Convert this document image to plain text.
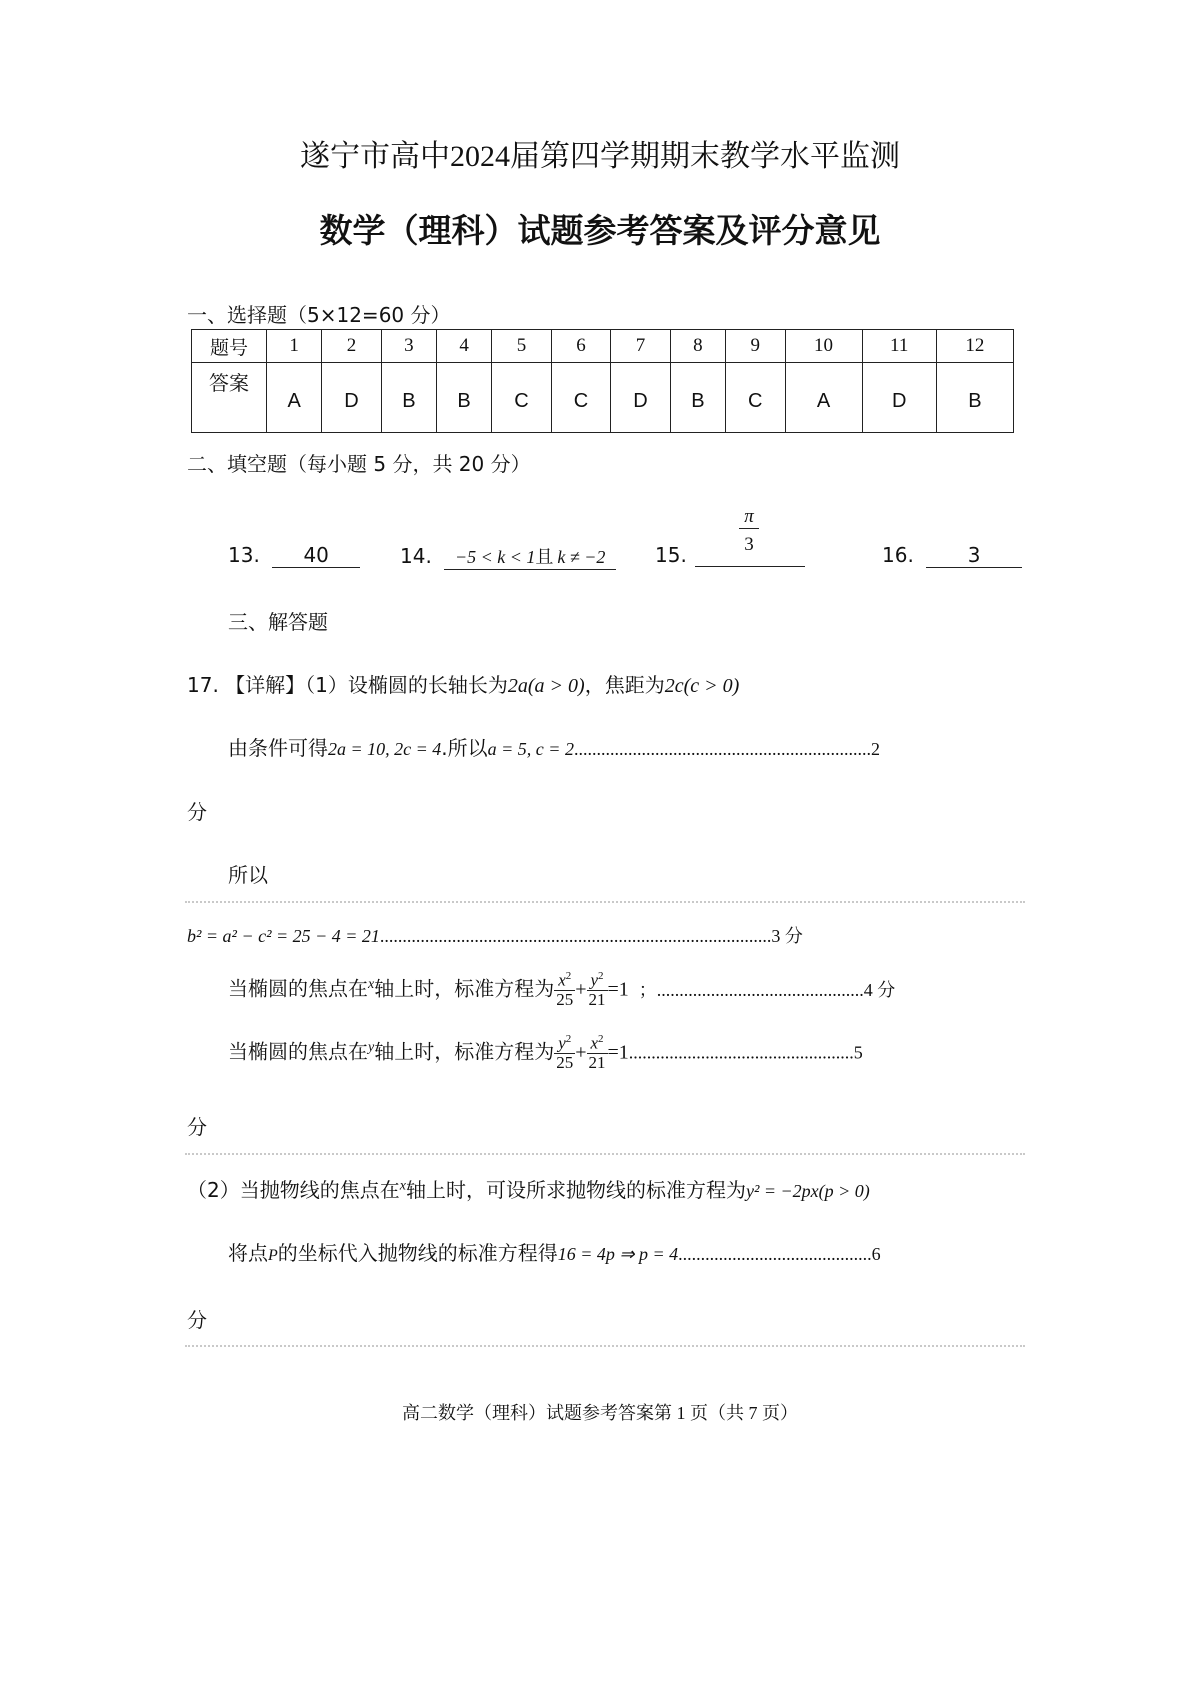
遂宁市高中2024届第四学期期末教学水平监测
数学（理科）试题参考答案及评分意见
一、选择题（5×12=60 分）
题号	1	2	3	4	5	6	7	8	9	10	11	12
答案	A	D	B	B	C	C	D	B	C	A	D	B
二、填空题（每小题 5 分，共 20 分）
13. 40	14. −5 < k < 1且 k ≠ −2	15. $\frac{\pi}{3}$	16.	3
三、解答题
17. 【详解】（1）设椭圆的长轴长为2a(a > 0)，焦距为2c(c > 0)
由条件可得2a = 10, 2c = 4.所以a = 5, c = 2..................................................................2
分
所以
b² = a² − c² = 25 − 4 = 21.......................................................................................3 分
当椭圆的焦点在$^x$轴上时，标准方程为 $\frac{x^2}{25} + \frac{y^2}{21} =1$ ；..............................................4 分
当椭圆的焦点在$^y$轴上时，标准方程为 $\frac{y^2}{25} + \frac{x^2}{21} =1..................................................5$
分
（2）当抛物线的焦点在$^x$轴上时，可设所求抛物线的标准方程为y² = −2px(p > 0)
将点P的坐标代入抛物线的标准方程得16 = 4p ⇒ p = 4...........................................6
分
高二数学（理科）试题参考答案第 1 页（共 7 页）
